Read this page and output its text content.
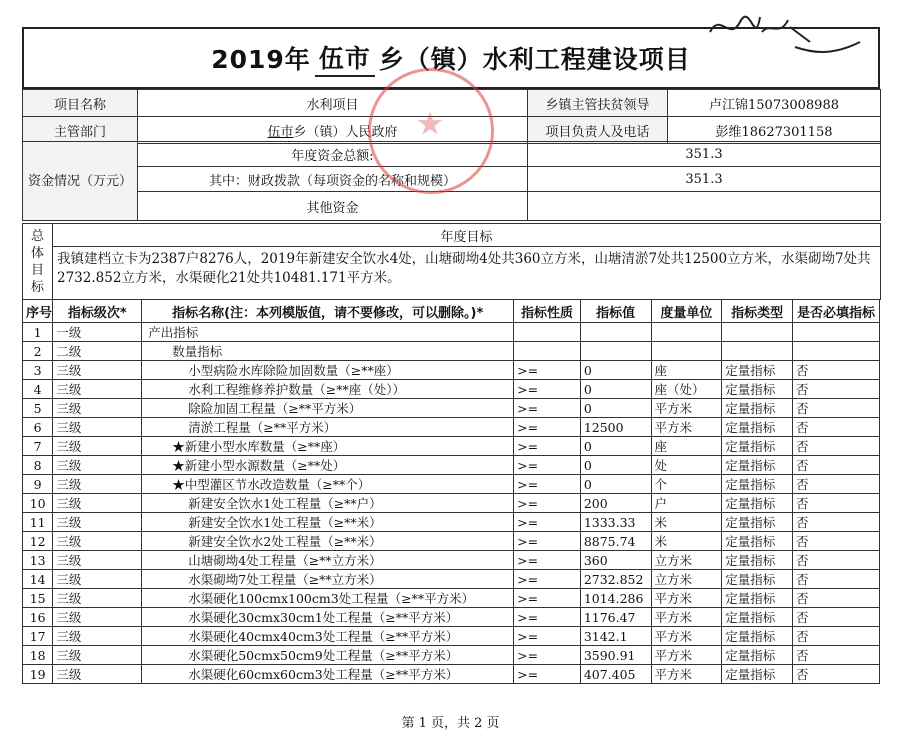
2019年 伍市 乡（镇）水利工程建设项目
项目名称	水利项目	乡镇主管扶贫领导	卢江锦15073008988
主管部门	伍市乡（镇）人民政府	项目负责人及电话	彭维18627301158
资金情况（万元）	年度资金总额:	351.3
	其中：财政拨款（每项资金的名称和规模）	351.3
	其他资金	
总体目标	年度目标
我镇建档立卡为2387户8276人，2019年新建安全饮水4处，山塘砌坳4处共360立方米，山塘清淤7处共12500立方米，水渠砌坳7处共2732.852立方米，水渠硬化21处共10481.171平方米。
序号	指标级次*	指标名称(注：本列模版值，请不要修改，可以删除。)*	指标性质	指标值	度量单位	指标类型	是否必填指标
1	一级	产出指标					
2	二级	数量指标					
3	三级	小型病险水库除险加固数量（≥**座）	>=	0	座	定量指标	否
4	三级	水利工程维修养护数量（≥**座（处））	>=	0	座（处）	定量指标	否
5	三级	除险加固工程量（≥**平方米）	>=	0	平方米	定量指标	否
6	三级	清淤工程量（≥**平方米）	>=	12500	平方米	定量指标	否
7	三级	★新建小型水库数量（≥**座）	>=	0	座	定量指标	否
8	三级	★新建小型水源数量（≥**处）	>=	0	处	定量指标	否
9	三级	★中型灌区节水改造数量（≥**个）	>=	0	个	定量指标	否
10	三级	新建安全饮水1处工程量（≥**户）	>=	200	户	定量指标	否
11	三级	新建安全饮水1处工程量（≥**米）	>=	1333.33	米	定量指标	否
12	三级	新建安全饮水2处工程量（≥**米）	>=	8875.74	米	定量指标	否
13	三级	山塘砌坳4处工程量（≥**立方米）	>=	360	立方米	定量指标	否
14	三级	水渠砌坳7处工程量（≥**立方米）	>=	2732.852	立方米	定量指标	否
15	三级	水渠硬化100cmx100cm3处工程量（≥**平方米）	>=	1014.286	平方米	定量指标	否
16	三级	水渠硬化30cmx30cm1处工程量（≥**平方米）	>=	1176.47	平方米	定量指标	否
17	三级	水渠硬化40cmx40cm3处工程量（≥**平方米）	>=	3142.1	平方米	定量指标	否
18	三级	水渠硬化50cmx50cm9处工程量（≥**平方米）	>=	3590.91	平方米	定量指标	否
19	三级	水渠硬化60cmx60cm3处工程量（≥**平方米）	>=	407.405	平方米	定量指标	否
第 1 页，共 2 页
